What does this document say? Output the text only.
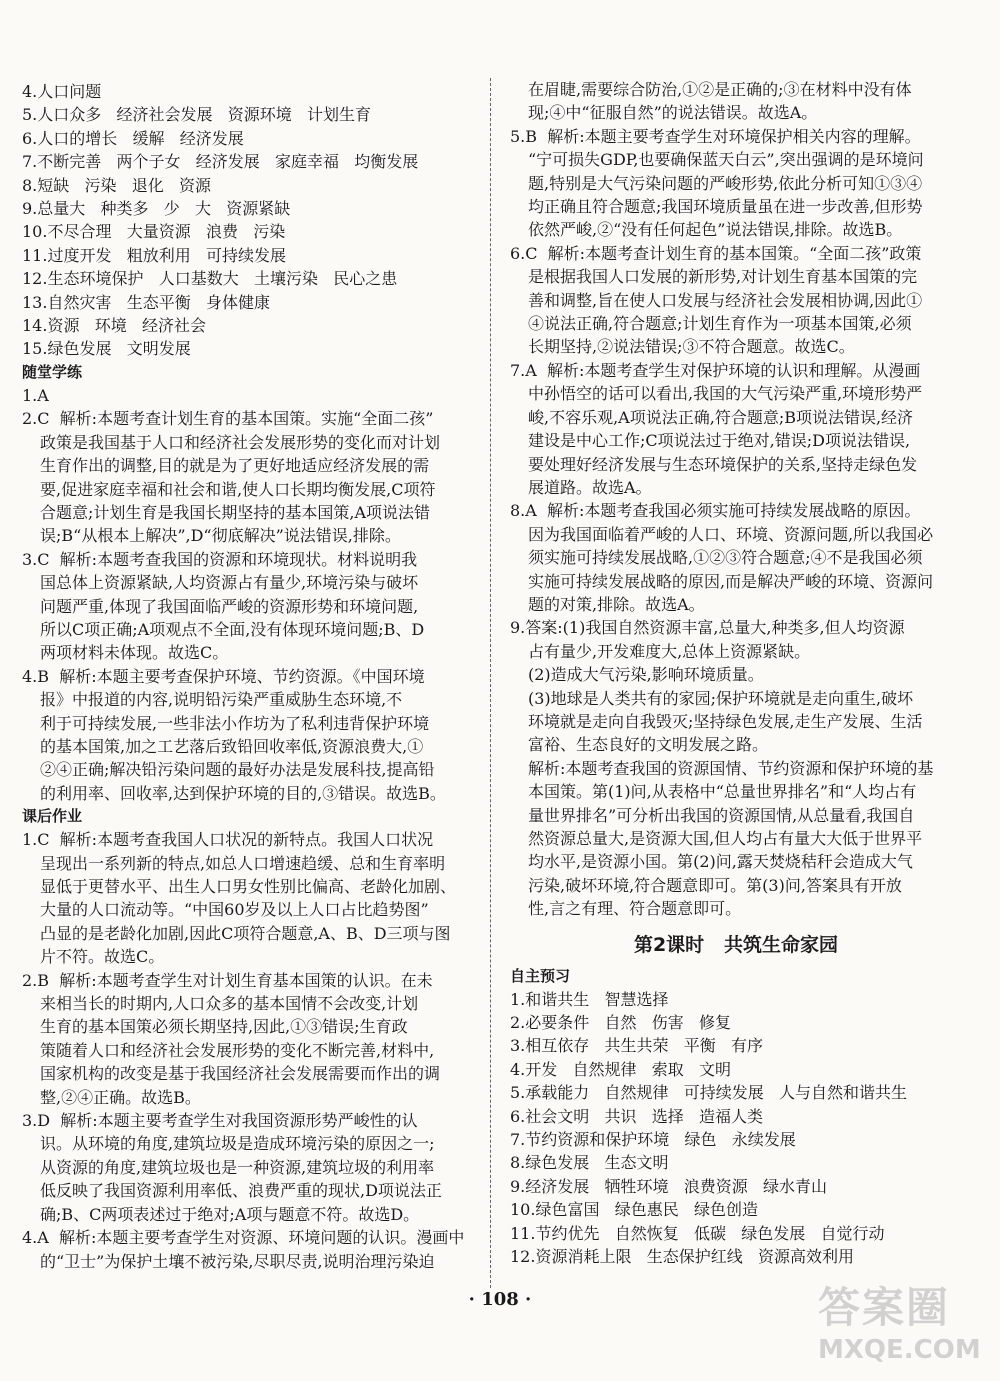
4.人口问题
5.人口众多   经济社会发展   资源环境   计划生育
6.人口的增长   缓解   经济发展
7.不断完善   两个子女   经济发展   家庭幸福   均衡发展
8.短缺   污染   退化   资源
9.总量大   种类多   少   大   资源紧缺
10.不尽合理   大量资源   浪费   污染
11.过度开发   粗放利用   可持续发展
12.生态环境保护   人口基数大   土壤污染   民心之患
13.自然灾害   生态平衡   身体健康
14.资源   环境   经济社会
15.绿色发展   文明发展
随堂学练
1.A
2.C  解析:本题考查计划生育的基本国策。实施“全面二孩”
政策是我国基于人口和经济社会发展形势的变化而对计划
生育作出的调整,目的就是为了更好地适应经济发展的需
要,促进家庭幸福和社会和谐,使人口长期均衡发展,C项符
合题意;计划生育是我国长期坚持的基本国策,A项说法错
误;B“从根本上解决”,D“彻底解决”说法错误,排除。
3.C  解析:本题考查我国的资源和环境现状。材料说明我
国总体上资源紧缺,人均资源占有量少,环境污染与破坏
问题严重,体现了我国面临严峻的资源形势和环境问题,
所以C项正确;A项观点不全面,没有体现环境问题;B、D
两项材料未体现。故选C。
4.B  解析:本题主要考查保护环境、节约资源。《中国环境
报》中报道的内容,说明铅污染严重威胁生态环境,不
利于可持续发展,一些非法小作坊为了私利违背保护环境
的基本国策,加之工艺落后致铅回收率低,资源浪费大,①
②④正确;解决铅污染问题的最好办法是发展科技,提高铅
的利用率、回收率,达到保护环境的目的,③错误。故选B。
课后作业
1.C  解析:本题考查我国人口状况的新特点。我国人口状况
呈现出一系列新的特点,如总人口增速趋缓、总和生育率明
显低于更替水平、出生人口男女性别比偏高、老龄化加剧、
大量的人口流动等。“中国60岁及以上人口占比趋势图”
凸显的是老龄化加剧,因此C项符合题意,A、B、D三项与图
片不符。故选C。
2.B  解析:本题考查学生对计划生育基本国策的认识。在未
来相当长的时期内,人口众多的基本国情不会改变,计划
生育的基本国策必须长期坚持,因此,①③错误;生育政
策随着人口和经济社会发展形势的变化不断完善,材料中,
国家机构的改变是基于我国经济社会发展需要而作出的调
整,②④正确。故选B。
3.D  解析:本题主要考查学生对我国资源形势严峻性的认
识。从环境的角度,建筑垃圾是造成环境污染的原因之一;
从资源的角度,建筑垃圾也是一种资源,建筑垃圾的利用率
低反映了我国资源利用率低、浪费严重的现状,D项说法正
确;B、C两项表述过于绝对;A项与题意不符。故选D。
4.A  解析:本题主要考查学生对资源、环境问题的认识。漫画中
的“卫士”为保护土壤不被污染,尽职尽责,说明治理污染迫
在眉睫,需要综合防治,①②是正确的;③在材料中没有体
现;④中“征服自然”的说法错误。故选A。
5.B  解析:本题主要考查学生对环境保护相关内容的理解。
“宁可损失GDP,也要确保蓝天白云”,突出强调的是环境问
题,特别是大气污染问题的严峻形势,依此分析可知①③④
均正确且符合题意;我国环境质量虽在进一步改善,但形势
依然严峻,②“没有任何起色”说法错误,排除。故选B。
6.C  解析:本题考查计划生育的基本国策。“全面二孩”政策
是根据我国人口发展的新形势,对计划生育基本国策的完
善和调整,旨在使人口发展与经济社会发展相协调,因此①
④说法正确,符合题意;计划生育作为一项基本国策,必须
长期坚持,②说法错误;③不符合题意。故选C。
7.A  解析:本题考查学生对保护环境的认识和理解。从漫画
中孙悟空的话可以看出,我国的大气污染严重,环境形势严
峻,不容乐观,A项说法正确,符合题意;B项说法错误,经济
建设是中心工作;C项说法过于绝对,错误;D项说法错误,
要处理好经济发展与生态环境保护的关系,坚持走绿色发
展道路。故选A。
8.A  解析:本题考查我国必须实施可持续发展战略的原因。
因为我国面临着严峻的人口、环境、资源问题,所以我国必
须实施可持续发展战略,①②③符合题意;④不是我国必须
实施可持续发展战略的原因,而是解决严峻的环境、资源问
题的对策,排除。故选A。
9.答案:(1)我国自然资源丰富,总量大,种类多,但人均资源
占有量少,开发难度大,总体上资源紧缺。
(2)造成大气污染,影响环境质量。
(3)地球是人类共有的家园;保护环境就是走向重生,破坏
环境就是走向自我毁灭;坚持绿色发展,走生产发展、生活
富裕、生态良好的文明发展之路。
解析:本题考查我国的资源国情、节约资源和保护环境的基
本国策。第(1)问,从表格中“总量世界排名”和“人均占有
量世界排名”可分析出我国的资源国情,从总量看,我国自
然资源总量大,是资源大国,但人均占有量大大低于世界平
均水平,是资源小国。第(2)问,露天焚烧秸秆会造成大气
污染,破坏环境,符合题意即可。第(3)问,答案具有开放
性,言之有理、符合题意即可。
第2课时   共筑生命家园
自主预习
1.和谐共生   智慧选择
2.必要条件   自然   伤害   修复
3.相互依存   共生共荣   平衡   有序
4.开发   自然规律   索取   文明
5.承载能力   自然规律   可持续发展   人与自然和谐共生
6.社会文明   共识   选择   造福人类
7.节约资源和保护环境   绿色   永续发展
8.绿色发展   生态文明
9.经济发展   牺牲环境   浪费资源   绿水青山
10.绿色富国   绿色惠民   绿色创造
11.节约优先   自然恢复   低碳   绿色发展   自觉行动
12.资源消耗上限   生态保护红线   资源高效利用
· 108 ·	答案圈
MXQE.COM
